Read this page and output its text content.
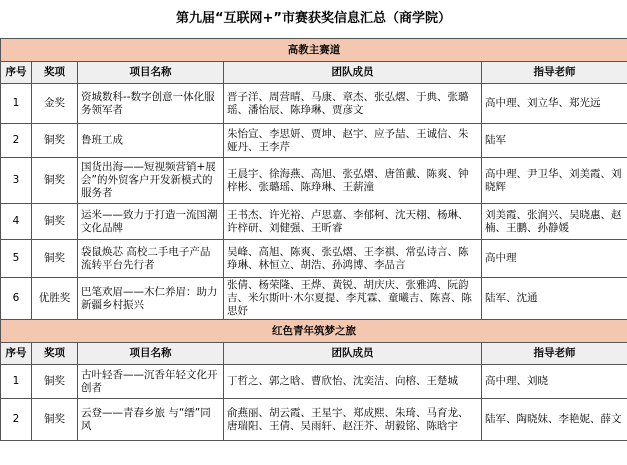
第九届“互联网+”市赛获奖信息汇总（商学院）
高教主赛道				
序号	奖项	项目名称	团队成员	指导老师
1	金奖	资城数科--数字创意一体化服务领军者	晋子洋、周营晴、马康、章杰、张弘熠、于典、张璐瑶、潘怡辰、陈琤琳、贾彦文	高中理、刘立华、郑光远
2	铜奖	鲁班工成	朱怡宣、李思妍、贾坤、赵宇、应予喆、王诚信、朱娅丹、王李芹	陆军
3	铜奖	国货出海——短视频营销+展会”的外贸客户开发新模式的服务者	王晨宇、徐海燕、高旭、张弘熠、唐笛戴、陈爽、钟梓彬、张璐瑶、陈琤琳、王薪潼	高中理、尹卫华、刘美霞、刘晓辉
4	铜奖	运米——致力于打造一流国潮文化品牌	王书杰、许光裕、卢思嘉、李郁柯、沈天栩、杨琳、许梓研、刘健强、王昕睿	刘美霞、张润兴、吴晓惠、赵楠、王鹏、孙静媛
5	铜奖	袋鼠焕芯 高校二手电子产品流转平台先行者	吴峰、高旭、陈爽、张弘熠、王李祺、常弘诗言、陈琤琳、林恒立、胡浩、孙鸿博、李品言	高中理
6	优胜奖	巴笔欢眉——木仁养眉：助力新疆乡村振兴	张倩、杨荣隆、王烨、黄锐、胡庆庆、张雅鸿、阮韵吉、米尔斯叶·木尔夏提、李芃霖、童曦吉、陈喜、陈思妤	陆军、沈通
红色青年筑梦之旅				
序号	奖项	项目名称	团队成员	指导老师
1	铜奖	古叶轻香——沉香年轻文化开创者	丁哲之、郭之晗、曹欣怡、沈奕洁、向榕、王楚城	高中理、刘晓
2	铜奖	云登——青春乡旅 与“缙”同风	俞燕丽、胡云霞、王星宇、郑成熙、朱琦、马育龙、唐瑞阳、王倩、吴雨轩、赵汪芥、胡毅铭、陈晗宇	陆军、陶晓妹、李艳妮、薛文
